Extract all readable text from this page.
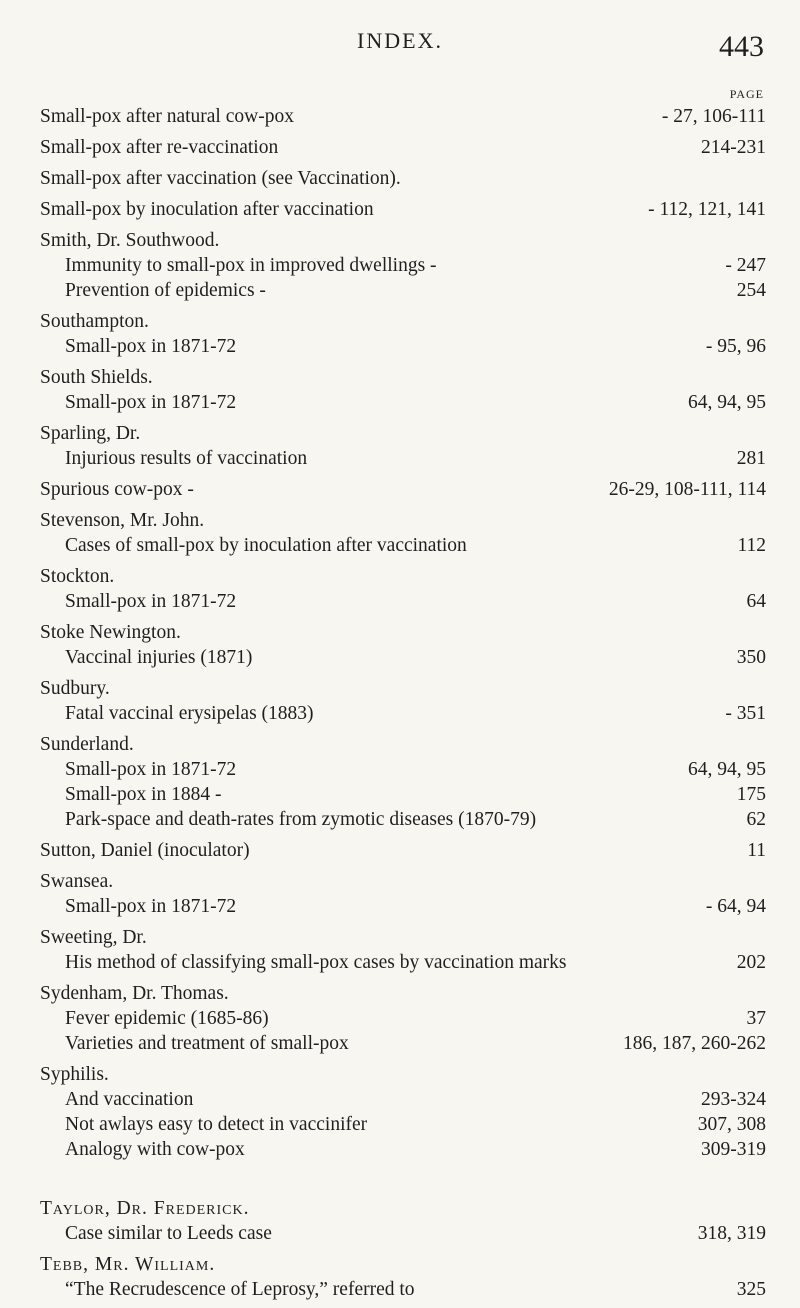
INDEX.	443
PAGE
Small-pox after natural cow-pox	- 27, 106-111
Small-pox after re-vaccination	214-231
Small-pox after vaccination (see Vaccination).
Small-pox by inoculation after vaccination	- 112, 121, 141
Smith, Dr. Southwood.
Immunity to small-pox in improved dwellings -	- 247
Prevention of epidemics -	254
Southampton.
Small-pox in 1871-72	- 95, 96
South Shields.
Small-pox in 1871-72	64, 94, 95
Sparling, Dr.
Injurious results of vaccination	281
Spurious cow-pox -	26-29, 108-111, 114
Stevenson, Mr. John.
Cases of small-pox by inoculation after vaccination	112
Stockton.
Small-pox in 1871-72	64
Stoke Newington.
Vaccinal injuries (1871)	350
Sudbury.
Fatal vaccinal erysipelas (1883)	- 351
Sunderland.
Small-pox in 1871-72	64, 94, 95
Small-pox in 1884 -	175
Park-space and death-rates from zymotic diseases (1870-79)	62
Sutton, Daniel (inoculator)	11
Swansea.
Small-pox in 1871-72	- 64, 94
Sweeting, Dr.
His method of classifying small-pox cases by vaccination marks	202
Sydenham, Dr. Thomas.
Fever epidemic (1685-86)	37
Varieties and treatment of small-pox	186, 187, 260-262
Syphilis.
And vaccination	293-324
Not awlays easy to detect in vaccinifer	307, 308
Analogy with cow-pox	309-319
Taylor, Dr. Frederick.
Case similar to Leeds case	318, 319
Tebb, Mr. William.
“The Recrudescence of Leprosy,” referred to	325
